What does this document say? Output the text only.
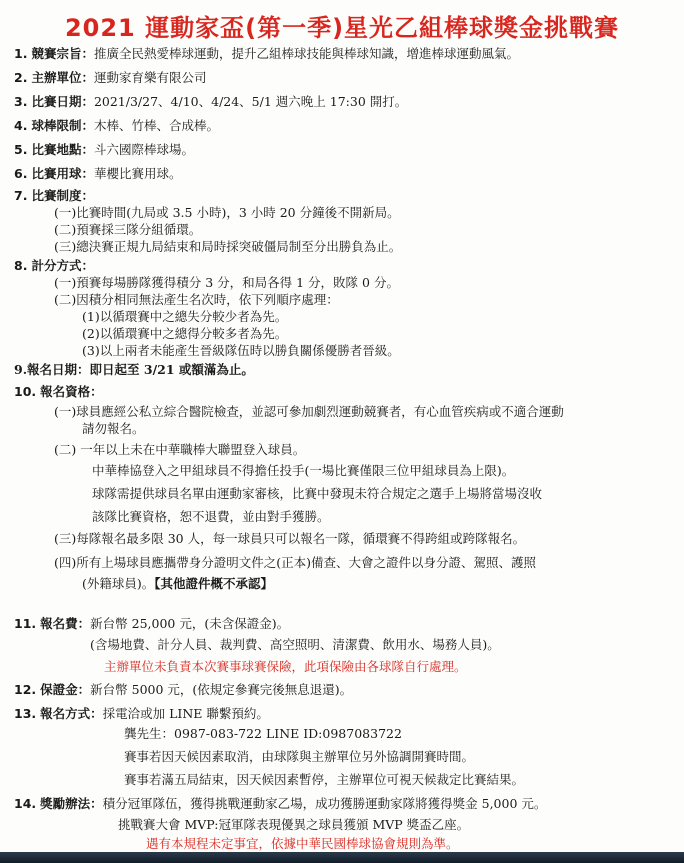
2021 運動家盃(第一季)星光乙組棒球獎金挑戰賽
1. 競賽宗旨：推廣全民熱愛棒球運動，提升乙組棒球技能與棒球知識，增進棒球運動風氣。
2. 主辦單位：運動家育樂有限公司
3. 比賽日期：2021/3/27、4/10、4/24、5/1 週六晚上 17:30 開打。
4. 球棒限制：木棒、竹棒、合成棒。
5. 比賽地點：斗六國際棒球場。
6. 比賽用球：華櫻比賽用球。
7. 比賽制度：
(一)比賽時間(九局或 3.5 小時)，3 小時 20 分鐘後不開新局。
(二)預賽採三隊分組循環。
(三)總決賽正規九局結束和局時採突破僵局制至分出勝負為止。
8. 計分方式：
(一)預賽每場勝隊獲得積分 3 分，和局各得 1 分，敗隊 0 分。
(二)因積分相同無法產生名次時，依下列順序處理：
(1)以循環賽中之總失分較少者為先。
(2)以循環賽中之總得分較多者為先。
(3)以上兩者未能產生晉級隊伍時以勝負關係優勝者晉級。
9.報名日期：即日起至 3/21 或額滿為止。
10. 報名資格：
(一)球員應經公私立綜合醫院檢查，並認可參加劇烈運動競賽者，有心血管疾病或不適合運動
請勿報名。
(二) 一年以上未在中華職棒大聯盟登入球員。
中華棒協登入之甲組球員不得擔任投手(一場比賽僅限三位甲組球員為上限)。
球隊需提供球員名單由運動家審核，比賽中發現未符合規定之選手上場將當場沒收
該隊比賽資格，恕不退費，並由對手獲勝。
(三)每隊報名最多限 30 人，每一球員只可以報名一隊，循環賽不得跨組或跨隊報名。
(四)所有上場球員應攜帶身分證明文件之(正本)備查、大會之證件以身分證、駕照、護照
(外籍球員)。【其他證件概不承認】
11. 報名費：新台幣 25,000 元，(未含保證金)。
(含場地費、計分人員、裁判費、高空照明、清潔費、飲用水、場務人員)。
主辦單位未負責本次賽事球賽保險，此項保險由各球隊自行處理。
12. 保證金：新台幣 5000 元，(依規定參賽完後無息退還)。
13. 報名方式：採電洽或加 LINE 聯繫預約。
龔先生：0987-083-722 LINE ID:0987083722
賽事若因天候因素取消，由球隊與主辦單位另外協調開賽時間。
賽事若滿五局結束，因天候因素暫停，主辦單位可視天候裁定比賽結果。
14. 獎勵辦法：積分冠軍隊伍，獲得挑戰運動家乙場，成功獲勝運動家隊將獲得獎金 5,000 元。
挑戰賽大會 MVP:冠軍隊表現優異之球員獲頒 MVP 獎盃乙座。
遇有本規程未定事宜，依據中華民國棒球協會規則為準。
